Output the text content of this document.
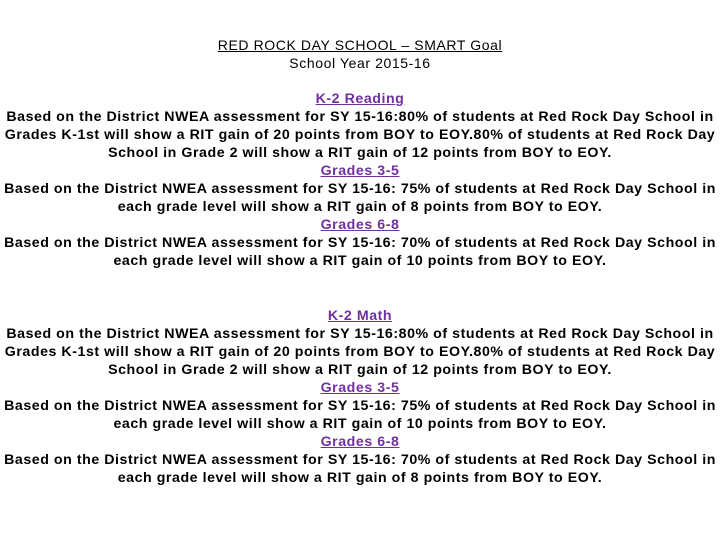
RED ROCK DAY SCHOOL – SMART Goal
School Year 2015-16
K-2 Reading
Based on the District NWEA assessment for SY 15-16:80% of students at Red Rock Day School in Grades K-1st will show a RIT gain of 20 points from BOY to EOY.80% of students at Red Rock Day School in Grade 2 will show a RIT gain of 12 points from BOY to EOY.
Grades 3-5
Based on the District NWEA assessment for SY 15-16: 75% of students at Red Rock Day School in each grade level will show a RIT gain of 8 points from BOY to EOY.
Grades 6-8
Based on the District NWEA assessment for SY 15-16: 70% of students at Red Rock Day School in each grade level will show a RIT gain of 10 points from BOY to EOY.
K-2 Math
Based on the District NWEA assessment for SY 15-16:80% of students at Red Rock Day School in Grades K-1st will show a RIT gain of 20 points from BOY to EOY.80% of students at Red Rock Day School in Grade 2 will show a RIT gain of 12 points from BOY to EOY.
Grades 3-5
Based on the District NWEA assessment for SY 15-16: 75% of students at Red Rock Day School in each grade level will show a RIT gain of 10 points from BOY to EOY.
Grades 6-8
Based on the District NWEA assessment for SY 15-16: 70% of students at Red Rock Day School in each grade level will show a RIT gain of 8 points from BOY to EOY.
